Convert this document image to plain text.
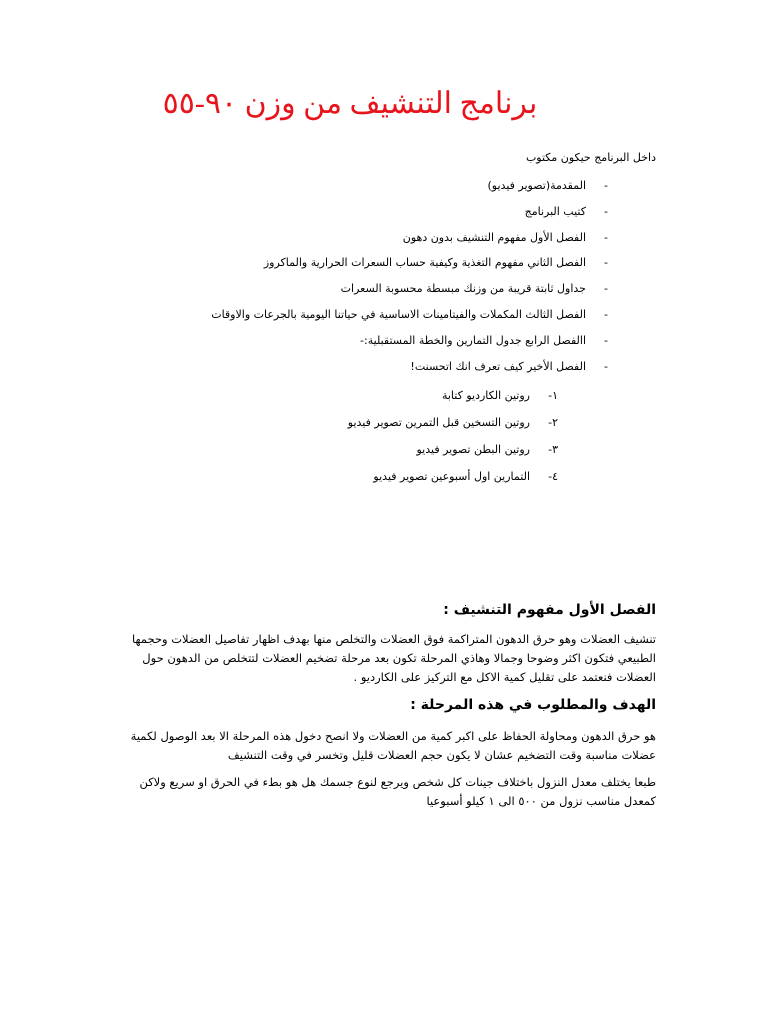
برنامج التنشيف من وزن ٩٠-٥٥
داخل البرنامج حيكون مكتوب
-
المقدمة(تصوير فيديو)
-
كتيب البرنامج
-
الفصل الأول مفهوم التنشيف بدون دهون
-
الفصل الثاني مفهوم التغذية وكيفية حساب السعرات الحرارية والماكروز
-
جداول ثابتة قريبة من وزنك مبسطة محسوبة السعرات
-
الفصل الثالث المكملات والفيتامينات الاساسية في حياتنا اليومية بالجرعات والاوقات
-
االفصل الرابع جدول التمارين والخطة المستقبلية:-
-
الفصل الأخير كيف تعرف انك اتحسنت!
١-
روتين الكارديو كتابة
٢-
روتين التسخين قبل التمرين تصوير فيديو
٣-
روتين البطن تصوير فيديو
٤-
التمارين اول أسبوعين تصوير فيديو
الفصل الأول مفهوم التنشيف :
تنشيف العضلات وهو حرق الدهون المتراكمة فوق العضلات والتخلص منها بهدف اظهار تفاصيل العضلات وحجمها الطبيعي فتكون اكثر وضوحا وجمالا وهاذي المرحلة تكون بعد مرحلة تضخيم العضلات لتتخلص من الدهون حول العضلات فنعتمد على تقليل كمية الاكل مع التركيز على الكارديو .
الهدف والمطلوب في هذه المرحلة :
هو حرق الدهون ومحاولة الحفاظ على اكبر كمية من العضلات ولا انصح دخول هذه المرحلة الا بعد الوصول لكمية عضلات مناسبة وقت التضخيم عشان لا يكون حجم العضلات قليل وتخسر في وقت التنشيف
طبعا يختلف معدل النزول باختلاف جينات كل شخص ويرجع لنوع جسمك هل هو بطء في الحرق او سريع ولاكن كمعدل مناسب نزول من ٥٠٠ الى ١ كيلو أسبوعيا
